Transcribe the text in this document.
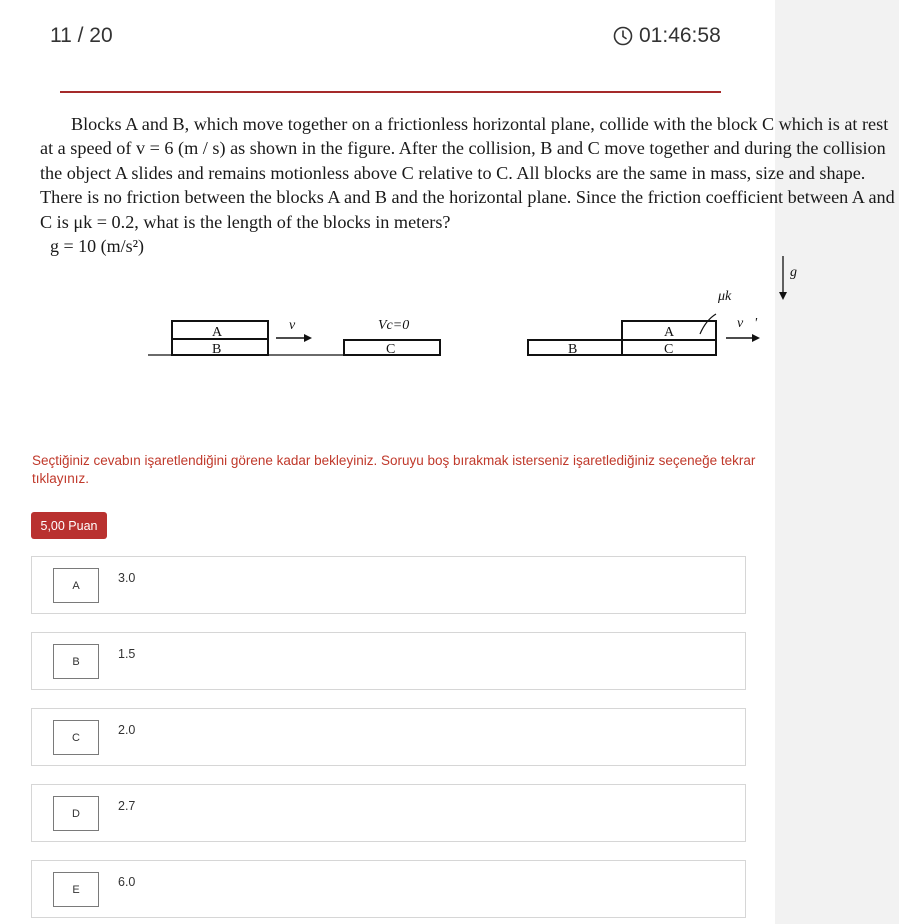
11 / 20	01:46:58

Blocks A and B, which move together on a frictionless horizontal plane, collide with the block C which is at rest at a speed of v = 6 (m / s) as shown in the figure. After the collision, B and C move together and during the collision the object A slides and remains motionless above C relative to C. All blocks are the same in mass, size and shape. There is no friction between the blocks A and B and the horizontal plane. Since the friction coefficient between A and C is μk = 0.2, what is the length of the blocks in meters?

g = 10 (m/s²)
A
B
v⃗	Vc=0
C	B
A
C
μk
v⃗'
g⃗
Seçtiğiniz cevabın işaretlendiğini görene kadar bekleyiniz. Soruyu boş bırakmak isterseniz işaretlediğiniz seçeneğe tekrar tıklayınız.
5,00 Puan
A
3.0
B
1.5
C
2.0
D
2.7
E
6.0
